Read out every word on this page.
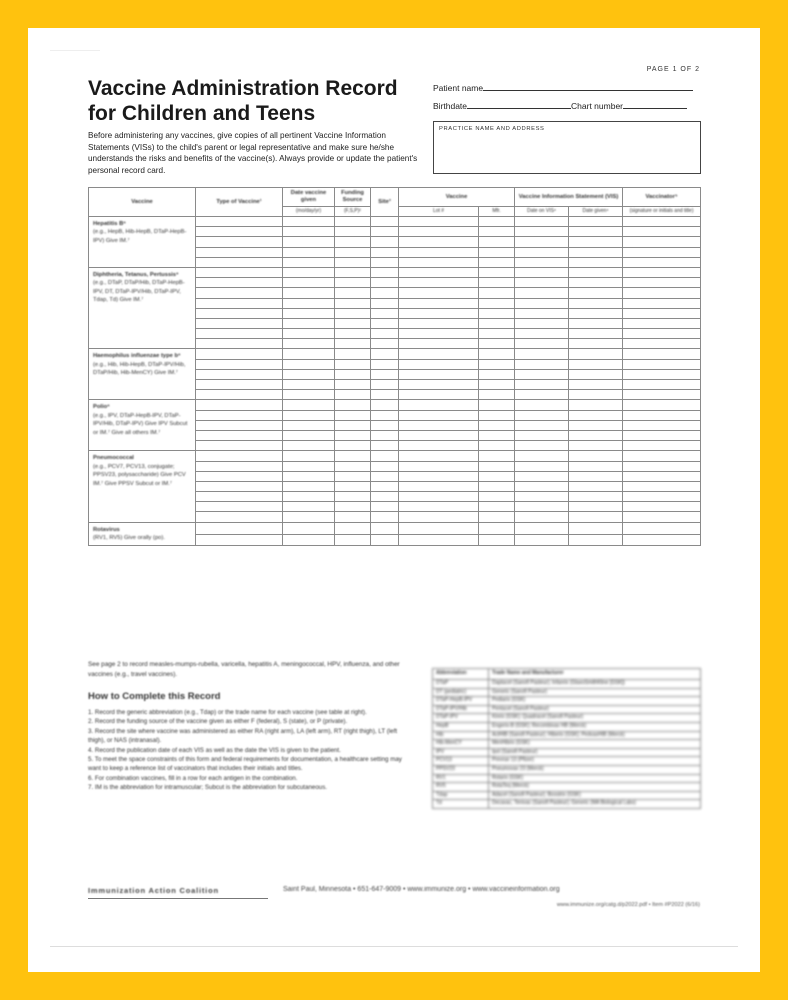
PAGE 1 OF 2
Vaccine Administration Record for Children and Teens
Before administering any vaccines, give copies of all pertinent Vaccine Information Statements (VISs) to the child's parent or legal representative and make sure he/she understands the risks and benefits of the vaccine(s). Always provide or update the patient's personal record card.
Patient name
Birthdate	Chart number
PRACTICE NAME AND ADDRESS
Vaccine	Type of Vaccine¹	Date vaccine given	Funding Source	Site³	Vaccine		Vaccine Information Statement (VIS)		Vaccinator⁵
		(mo/day/yr)	(F,S,P)²		Lot #	Mfr.	Date on VIS⁴	Date given⁴	(signature or initials and title)

Hepatitis B⁶
(e.g., HepB, Hib-HepB, DTaP-HepB-IPV) Give IM.⁷									

Diphtheria, Tetanus, Pertussis⁶
(e.g., DTaP, DTaP/Hib, DTaP-HepB-IPV, DT, DTaP-IPV/Hib, DTaP-IPV, Tdap, Td) Give IM.⁷									

Haemophilus influenzae type b⁶
(e.g., Hib, Hib-HepB, DTaP-IPV/Hib, DTaP/Hib, Hib-MenCY) Give IM.⁷									

Polio⁶
(e.g., IPV, DTaP-HepB-IPV, DTaP-IPV/Hib, DTaP-IPV) Give IPV Subcut or IM.⁷ Give all others IM.⁷									

Pneumococcal
(e.g., PCV7, PCV13, conjugate; PPSV23, polysaccharide) Give PCV IM.⁷ Give PPSV Subcut or IM.⁷									

Rotavirus
(RV1, RV5) Give orally (po).									

See page 2 to record measles-mumps-rubella, varicella, hepatitis A, meningococcal, HPV, influenza, and other vaccines (e.g., travel vaccines).
How to Complete this Record
1. Record the generic abbreviation (e.g., Tdap) or the trade name for each vaccine (see table at right).
2. Record the funding source of the vaccine given as either F (federal), S (state), or P (private).
3. Record the site where vaccine was administered as either RA (right arm), LA (left arm), RT (right thigh), LT (left thigh), or NAS (intranasal).
4. Record the publication date of each VIS as well as the date the VIS is given to the patient.
5. To meet the space constraints of this form and federal requirements for documentation, a healthcare setting may want to keep a reference list of vaccinators that includes their initials and titles.
6. For combination vaccines, fill in a row for each antigen in the combination.
7. IM is the abbreviation for intramuscular; Subcut is the abbreviation for subcutaneous.
Abbreviation	Trade Name and Manufacturer
DTaP	Daptacel (Sanofi Pasteur); Infanrix (GlaxoSmithKline [GSK])
DT (pediatric)	Generic (Sanofi Pasteur)
DTaP-HepB-IPV	Pediarix (GSK)
DTaP-IPV/Hib	Pentacel (Sanofi Pasteur)
DTaP-IPV	Kinrix (GSK); Quadracel (Sanofi Pasteur)
HepB	Engerix-B (GSK); Recombivax HB (Merck)
Hib	ActHIB (Sanofi Pasteur); Hiberix (GSK); PedvaxHIB (Merck)
Hib-MenCY	MenHibrix (GSK)
IPV	Ipol (Sanofi Pasteur)
PCV13	Prevnar 13 (Pfizer)
PPSV23	Pneumovax 23 (Merck)
RV1	Rotarix (GSK)
RV5	RotaTeq (Merck)
Tdap	Adacel (Sanofi Pasteur); Boostrix (GSK)
Td	Decavac, Tenivac (Sanofi Pasteur); Generic (MA Biological Labs)
Immunization Action Coalition	Saint Paul, Minnesota • 651-647-9009 • www.immunize.org • www.vaccineinformation.org
www.immunize.org/catg.d/p2022.pdf • Item #P2022 (6/16)
